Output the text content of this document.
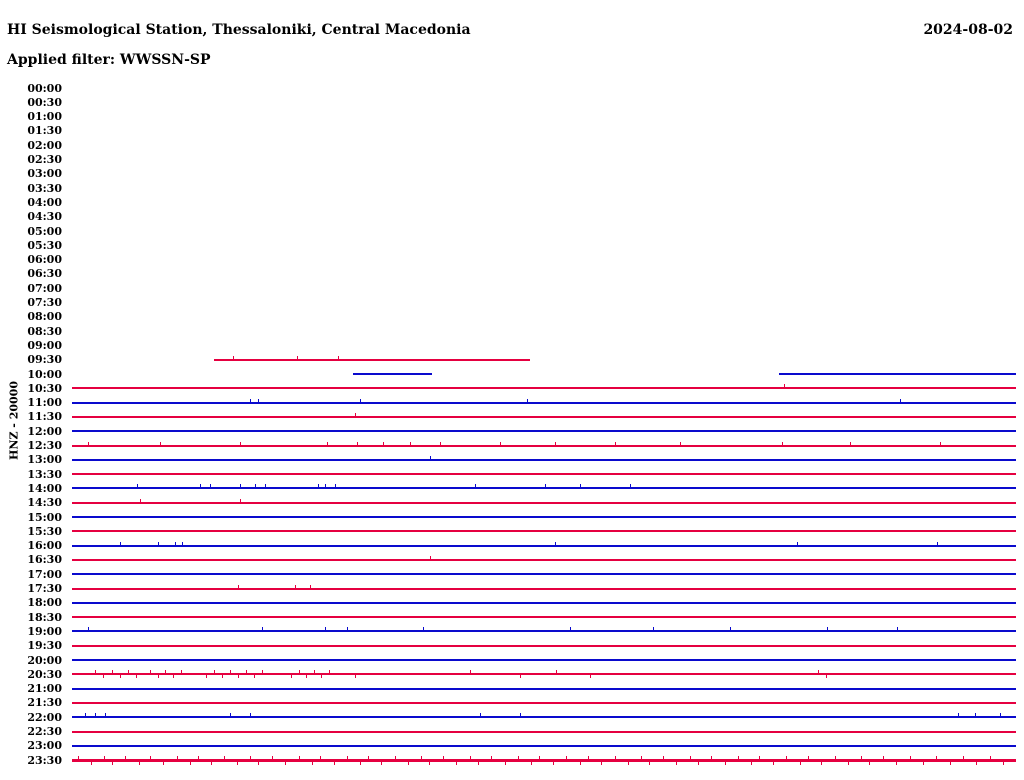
HI Seismological Station, Thessaloniki, Central Macedonia	2024-08-02
Applied filter: WWSSN-SP
HNZ - 20000
00:00
00:30
01:00
01:30
02:00
02:30
03:00
03:30
04:00
04:30
05:00
05:30
06:00
06:30
07:00
07:30
08:00
08:30
09:00
09:30
10:00
10:30
11:00
11:30
12:00
12:30
13:00
13:30
14:00
14:30
15:00
15:30
16:00
16:30
17:00
17:30
18:00
18:30
19:00
19:30
20:00
20:30
21:00
21:30
22:00
22:30
23:00
23:30
